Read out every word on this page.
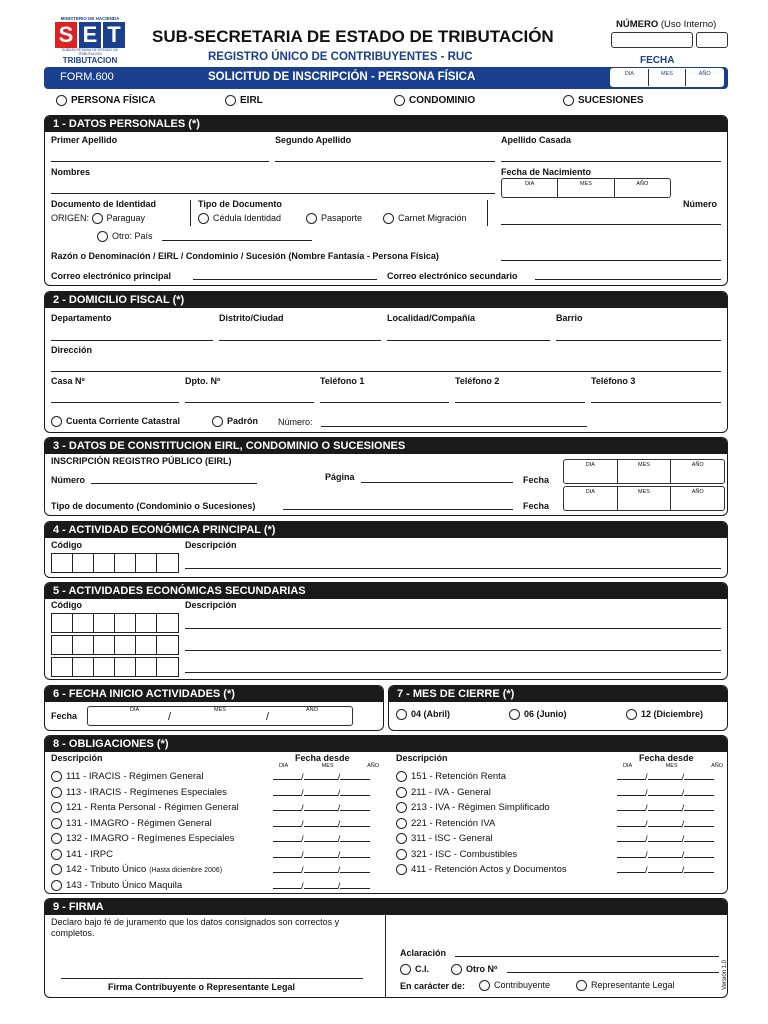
MINISTERIO DE HACIENDA
S E T
SUBSECRETARIA DE ESTADO DE TRIBUTACION
TRIBUTACION
SUB-SECRETARIA DE ESTADO DE TRIBUTACIÓN
REGISTRO ÚNICO DE CONTRIBUYENTES - RUC
NÚMERO (Uso Interno)
FECHA
FORM.600	SOLICITUD DE INSCRIPCIÓN - PERSONA FÍSICA	DIA	MES	AÑO
PERSONA FÍSICA	EIRL	CONDOMINIO	SUCESIONES
1 - DATOS PERSONALES (*)
Primer Apellido	Segundo Apellido	Apellido Casada
Nombres	Fecha de Nacimiento
DIA	MES	AÑO
Documento de Identidad
ORIGEN: Paraguay
Otro: País
Tipo de Documento
Cédula Identidad	Pasaporte	Carnet Migración
Número
Razón o Denominación / EIRL / Condominio / Sucesión (Nombre Fantasía - Persona Física)
Correo electrónico principal	Correo electrónico secundario
2 - DOMICILIO FISCAL (*)
Departamento	Distrito/Ciudad	Localidad/Compañía	Barrio
Dirección
Casa Nº	Dpto. Nº	Teléfono 1	Teléfono 2	Teléfono 3
Cuenta Corriente Catastral	Padrón Número:
3 - DATOS DE CONSTITUCION EIRL, CONDOMINIO O SUCESIONES
INSCRIPCIÓN REGISTRO PÚBLICO (EIRL)
Número	Página	Fecha
DIA	MES	AÑO
Tipo de documento (Condominio o Sucesiones)	Fecha
DIA	MES	AÑO
4 - ACTIVIDAD ECONÓMICA PRINCIPAL (*)
Código	Descripción
5 - ACTIVIDADES ECONÓMICAS SECUNDARIAS
Código	Descripción
6 - FECHA INICIO ACTIVIDADES (*)
Fecha
DIA	MES	AÑO
/	/
7 - MES DE CIERRE (*)
04 (Abril)	06 (Junio)	12 (Diciembre)
8 - OBLIGACIONES (*)
Descripción	Fecha desde
DIA	MES	AÑO
Descripción	Fecha desde
DIA	MES	AÑO
111 - IRACIS - Régimen General	/	/
113 - IRACIS - Regímenes Especiales	/	/
121 - Renta Personal - Régimen General	/	/
131 - IMAGRO - Régimen General	/	/
132 - IMAGRO - Regímenes Especiales	/	/
141 - IRPC	/	/
142 - Tributo Único (Hasta diciembre 2006)	/	/
143 - Tributo Único Maquila	/	/
151 - Retención Renta	/	/
211 - IVA - General	/	/
213 - IVA - Régimen Simplificado	/	/
221 - Retención IVA	/	/
311 - ISC - General	/	/
321 - ISC - Combustibles	/	/
411 - Retención Actos y Documentos	/	/
9 - FIRMA
Declaro bajo fé de juramento que los datos consignados son correctos y completos.
Firma Contribuyente o Representante Legal
Aclaración
C.I.	Otro Nº
En carácter de:	Contribuyente	Representante Legal	Versión 1.0
